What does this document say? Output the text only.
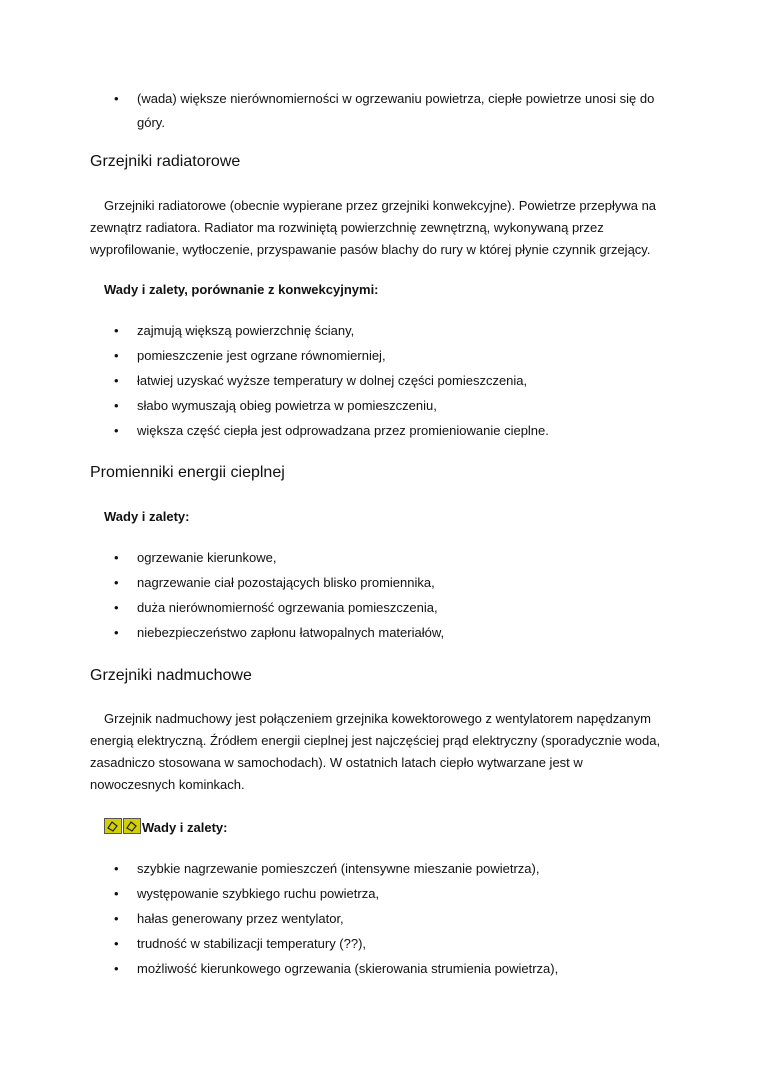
• (wada) większe nierównomierności w ogrzewaniu powietrza, ciepłe powietrze unosi się do góry.
Grzejniki radiatorowe

Grzejniki radiatorowe (obecnie wypierane przez grzejniki konwekcyjne). Powietrze przepływa na zewnątrz radiatora. Radiator ma rozwiniętą powierzchnię zewnętrzną, wykonywaną przez wyprofilowanie, wytłoczenie, przyspawanie pasów blachy do rury w której płynie czynnik grzejący.

Wady i zalety, porównanie z konwekcyjnymi:

• zajmują większą powierzchnię ściany,
• pomieszczenie jest ogrzane równomierniej,
• łatwiej uzyskać wyższe temperatury w dolnej części pomieszczenia,
• słabo wymuszają obieg powietrza w pomieszczeniu,
• większa część ciepła jest odprowadzana przez promieniowanie cieplne.
Promienniki energii cieplnej

Wady i zalety:

• ogrzewanie kierunkowe,
• nagrzewanie ciał pozostających blisko promiennika,
• duża nierównomierność ogrzewania pomieszczenia,
• niebezpieczeństwo zapłonu łatwopalnych materiałów,
Grzejniki nadmuchowe

Grzejnik nadmuchowy jest połączeniem grzejnika kowektorowego z wentylatorem napędzanym energią elektryczną. Źródłem energii cieplnej jest najczęściej prąd elektryczny (sporadycznie woda, zasadniczo stosowana w samochodach). W ostatnich latach ciepło wytwarzane jest w nowoczesnych kominkach.

Wady i zalety:

• szybkie nagrzewanie pomieszczeń (intensywne mieszanie powietrza),
• występowanie szybkiego ruchu powietrza,
• hałas generowany przez wentylator,
• trudność w stabilizacji temperatury (??),
• możliwość kierunkowego ogrzewania (skierowania strumienia powietrza),
